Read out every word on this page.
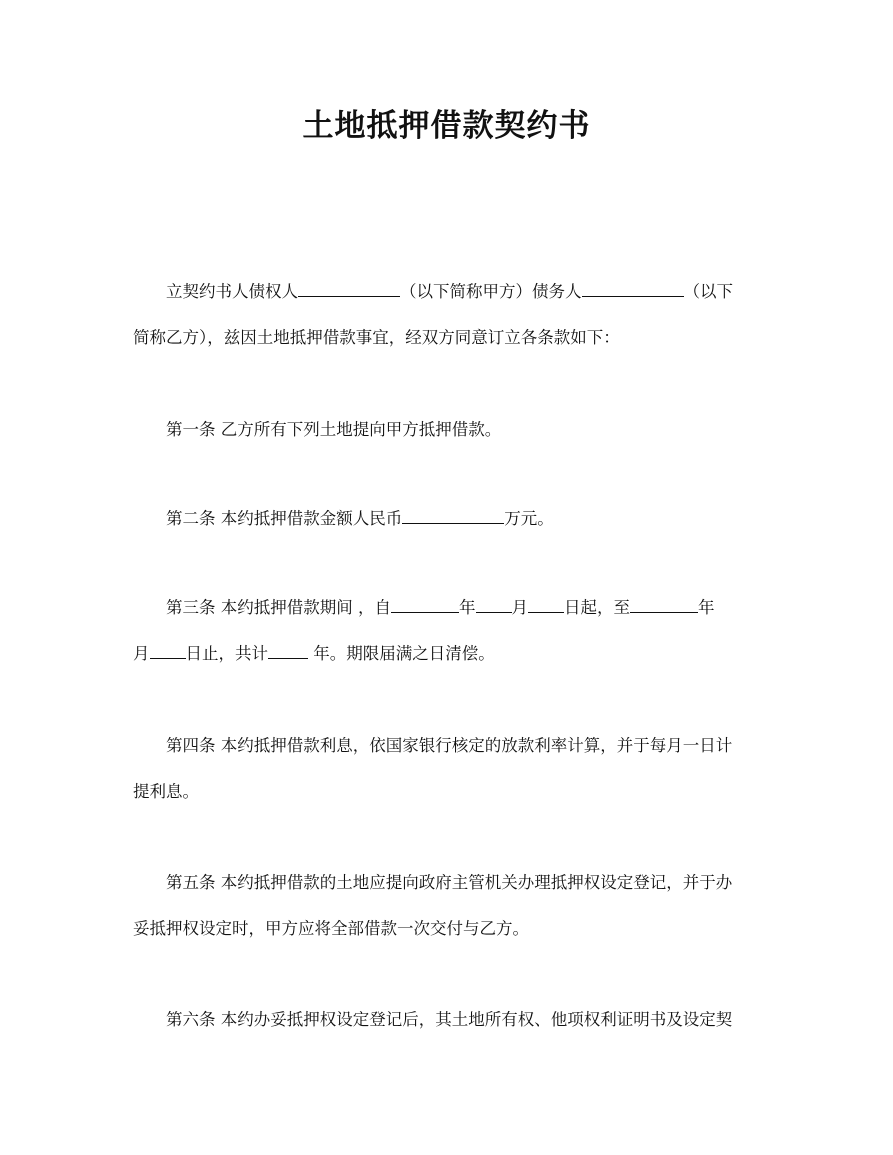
土地抵押借款契约书

立契约书人债权人	（以下简称甲方）债务人	（以下
简称乙方），兹因土地抵押借款事宜，经双方同意订立各条款如下：

第一条 乙方所有下列土地提向甲方抵押借款。

第二条 本约抵押借款金额人民币	万元。

第三条 本约抵押借款期间 ，自	年 月 日起，至	年
月 日止，共计 年。期限届满之日清偿。

第四条 本约抵押借款利息，依国家银行核定的放款利率计算，并于每月一日计
提利息。

第五条 本约抵押借款的土地应提向政府主管机关办理抵押权设定登记，并于办
妥抵押权设定时，甲方应将全部借款一次交付与乙方。

第六条 本约办妥抵押权设定登记后，其土地所有权、他项权利证明书及设定契
